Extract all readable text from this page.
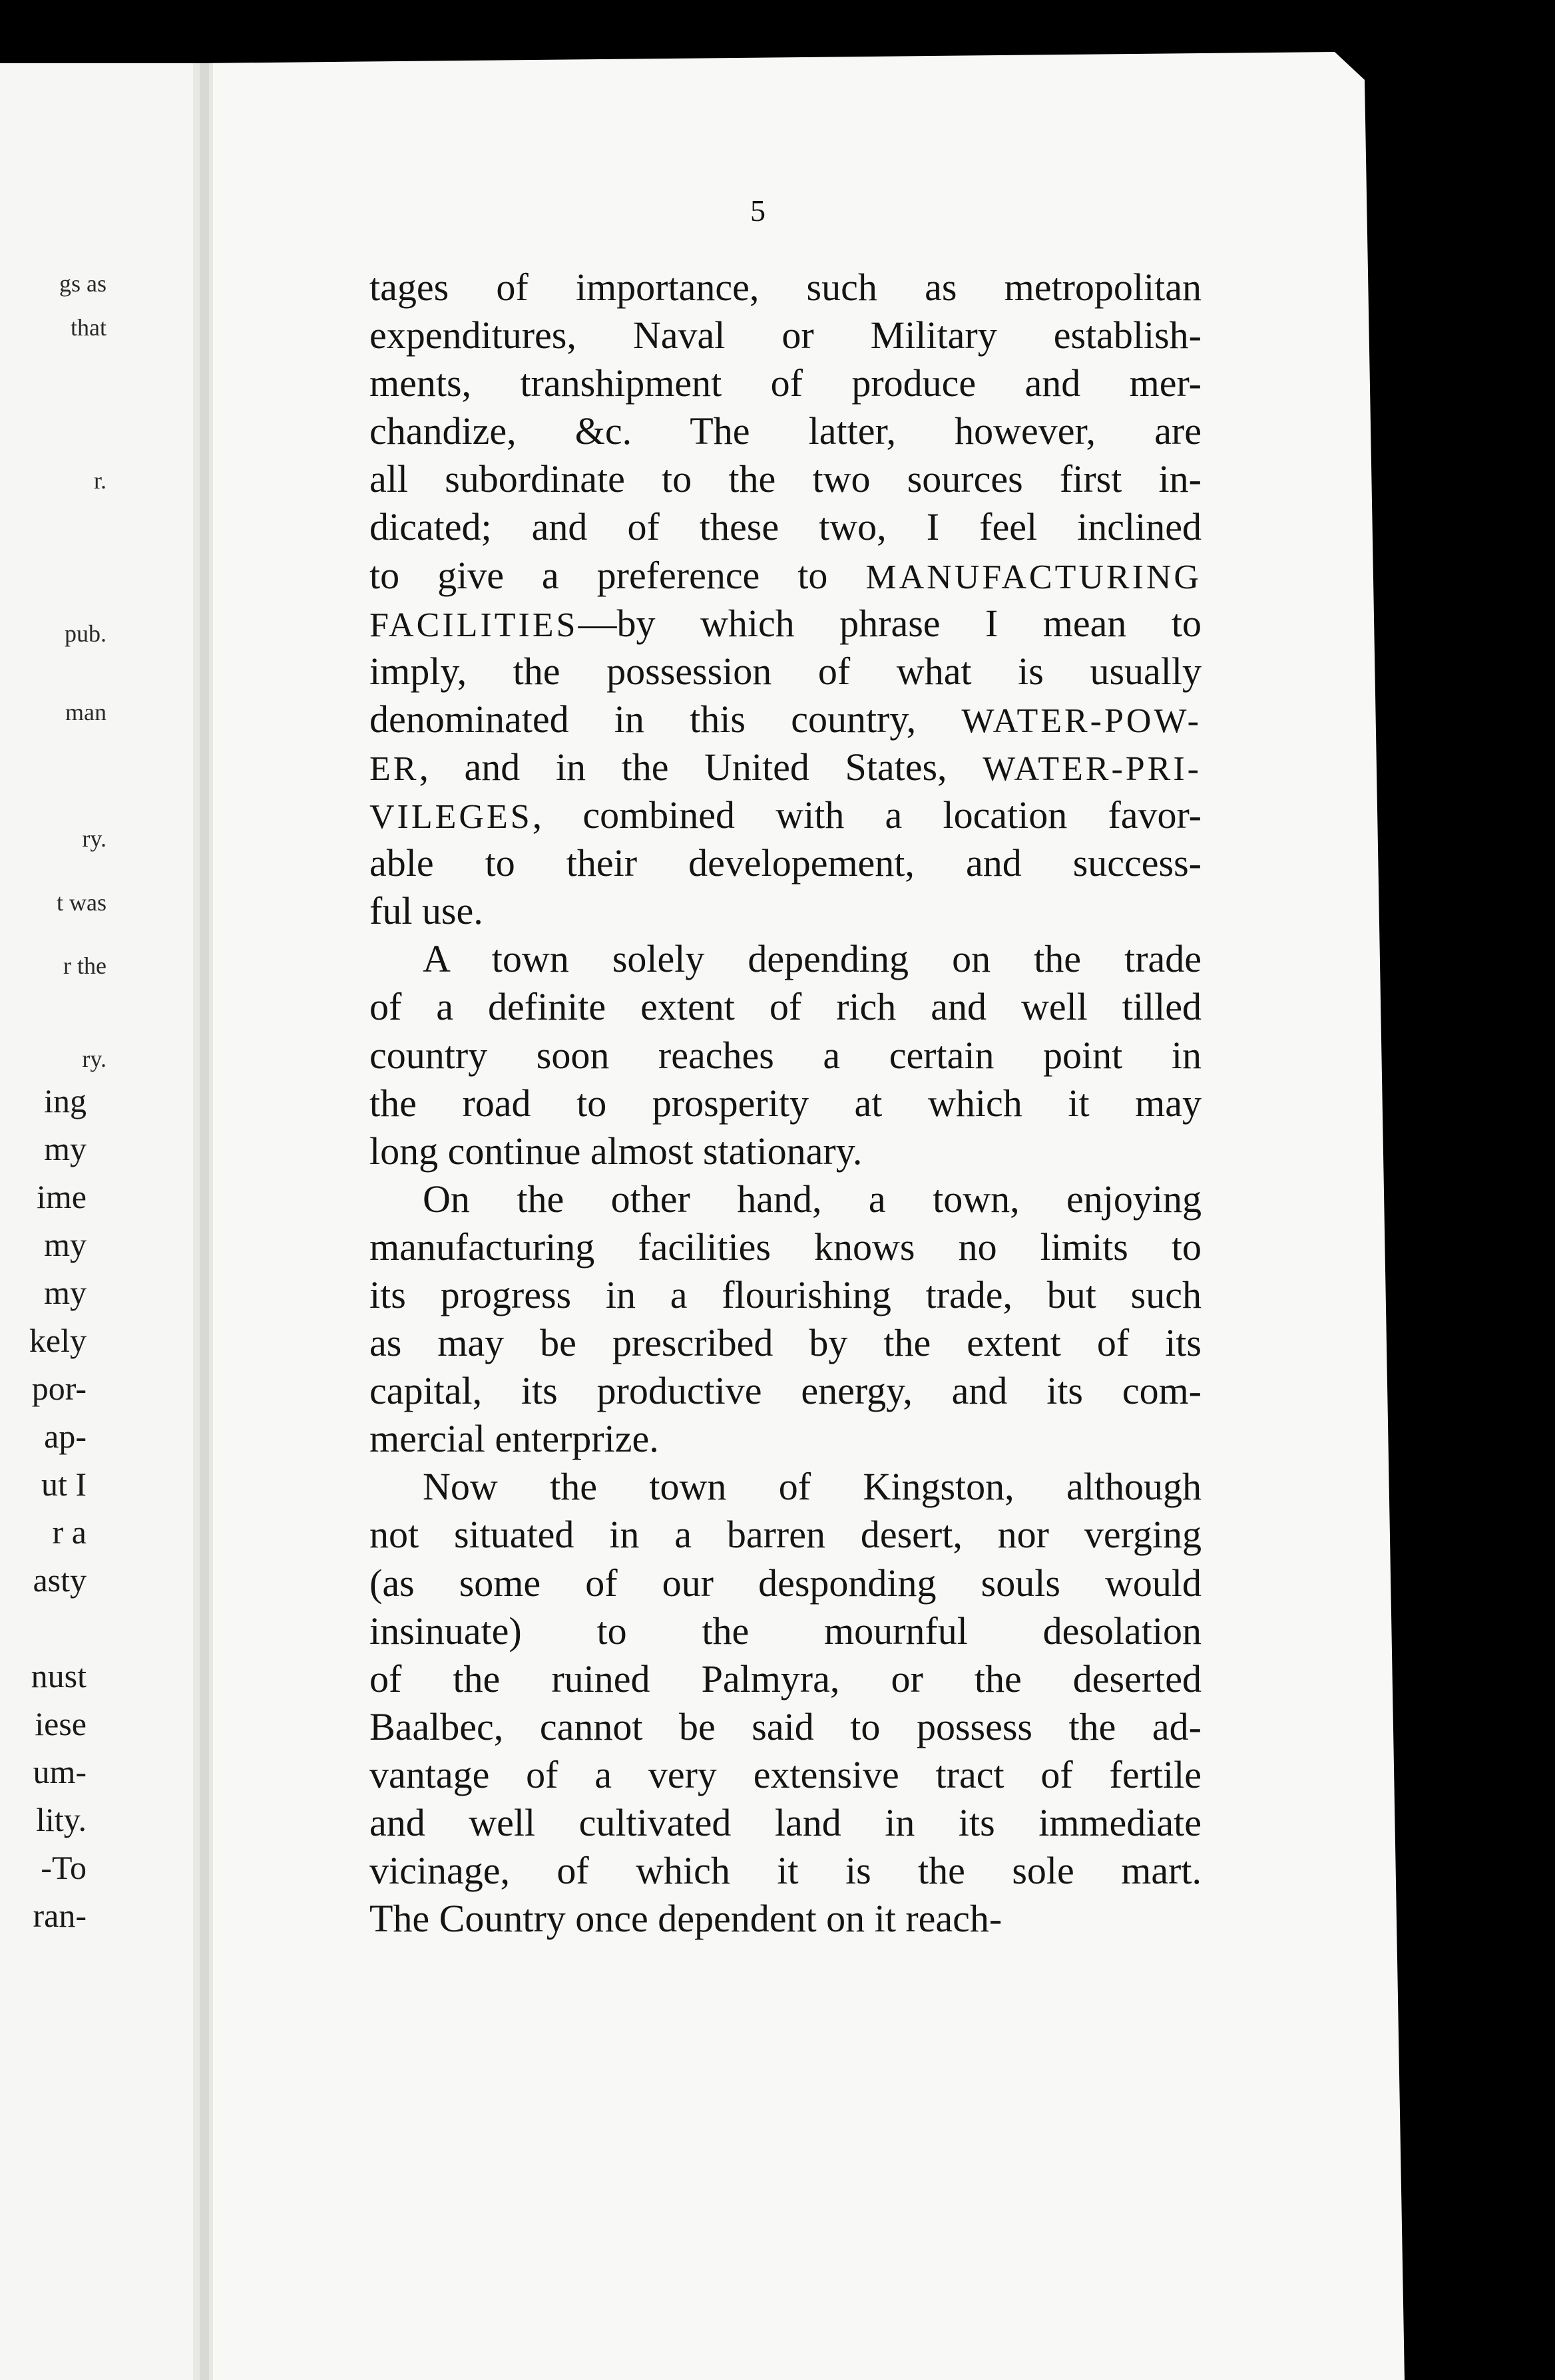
5
gs as
that
r.
pub.
man
ry.
t was
r the
ry.
ing
my
ime
my
my
kely
por-
ap-
ut I
r a
asty
nust
iese
um-
lity.
-To
ran-
tages of importance, such as metropolitan
expenditures, Naval or Military establish-
ments, transhipment of produce and mer-
chandize, &c. The latter, however, are
all subordinate to the two sources first in-
dicated; and of these two, I feel inclined
to give a preference to MANUFACTURING
FACILITIES—by which phrase I mean to
imply, the possession of what is usually
denominated in this country, WATER-POW-
ER, and in the United States, WATER-PRI-
VILEGES, combined with a location favor-
able to their developement, and success-
ful use.
A town solely depending on the trade
of a definite extent of rich and well tilled
country soon reaches a certain point in
the road to prosperity at which it may
long continue almost stationary.
On the other hand, a town, enjoying
manufacturing facilities knows no limits to
its progress in a flourishing trade, but such
as may be prescribed by the extent of its
capital, its productive energy, and its com-
mercial enterprize.
Now the town of Kingston, although
not situated in a barren desert, nor verging
(as some of our desponding souls would
insinuate) to the mournful desolation
of the ruined Palmyra, or the deserted
Baalbec, cannot be said to possess the ad-
vantage of a very extensive tract of fertile
and well cultivated land in its immediate
vicinage, of which it is the sole mart.
The Country once dependent on it reach-
